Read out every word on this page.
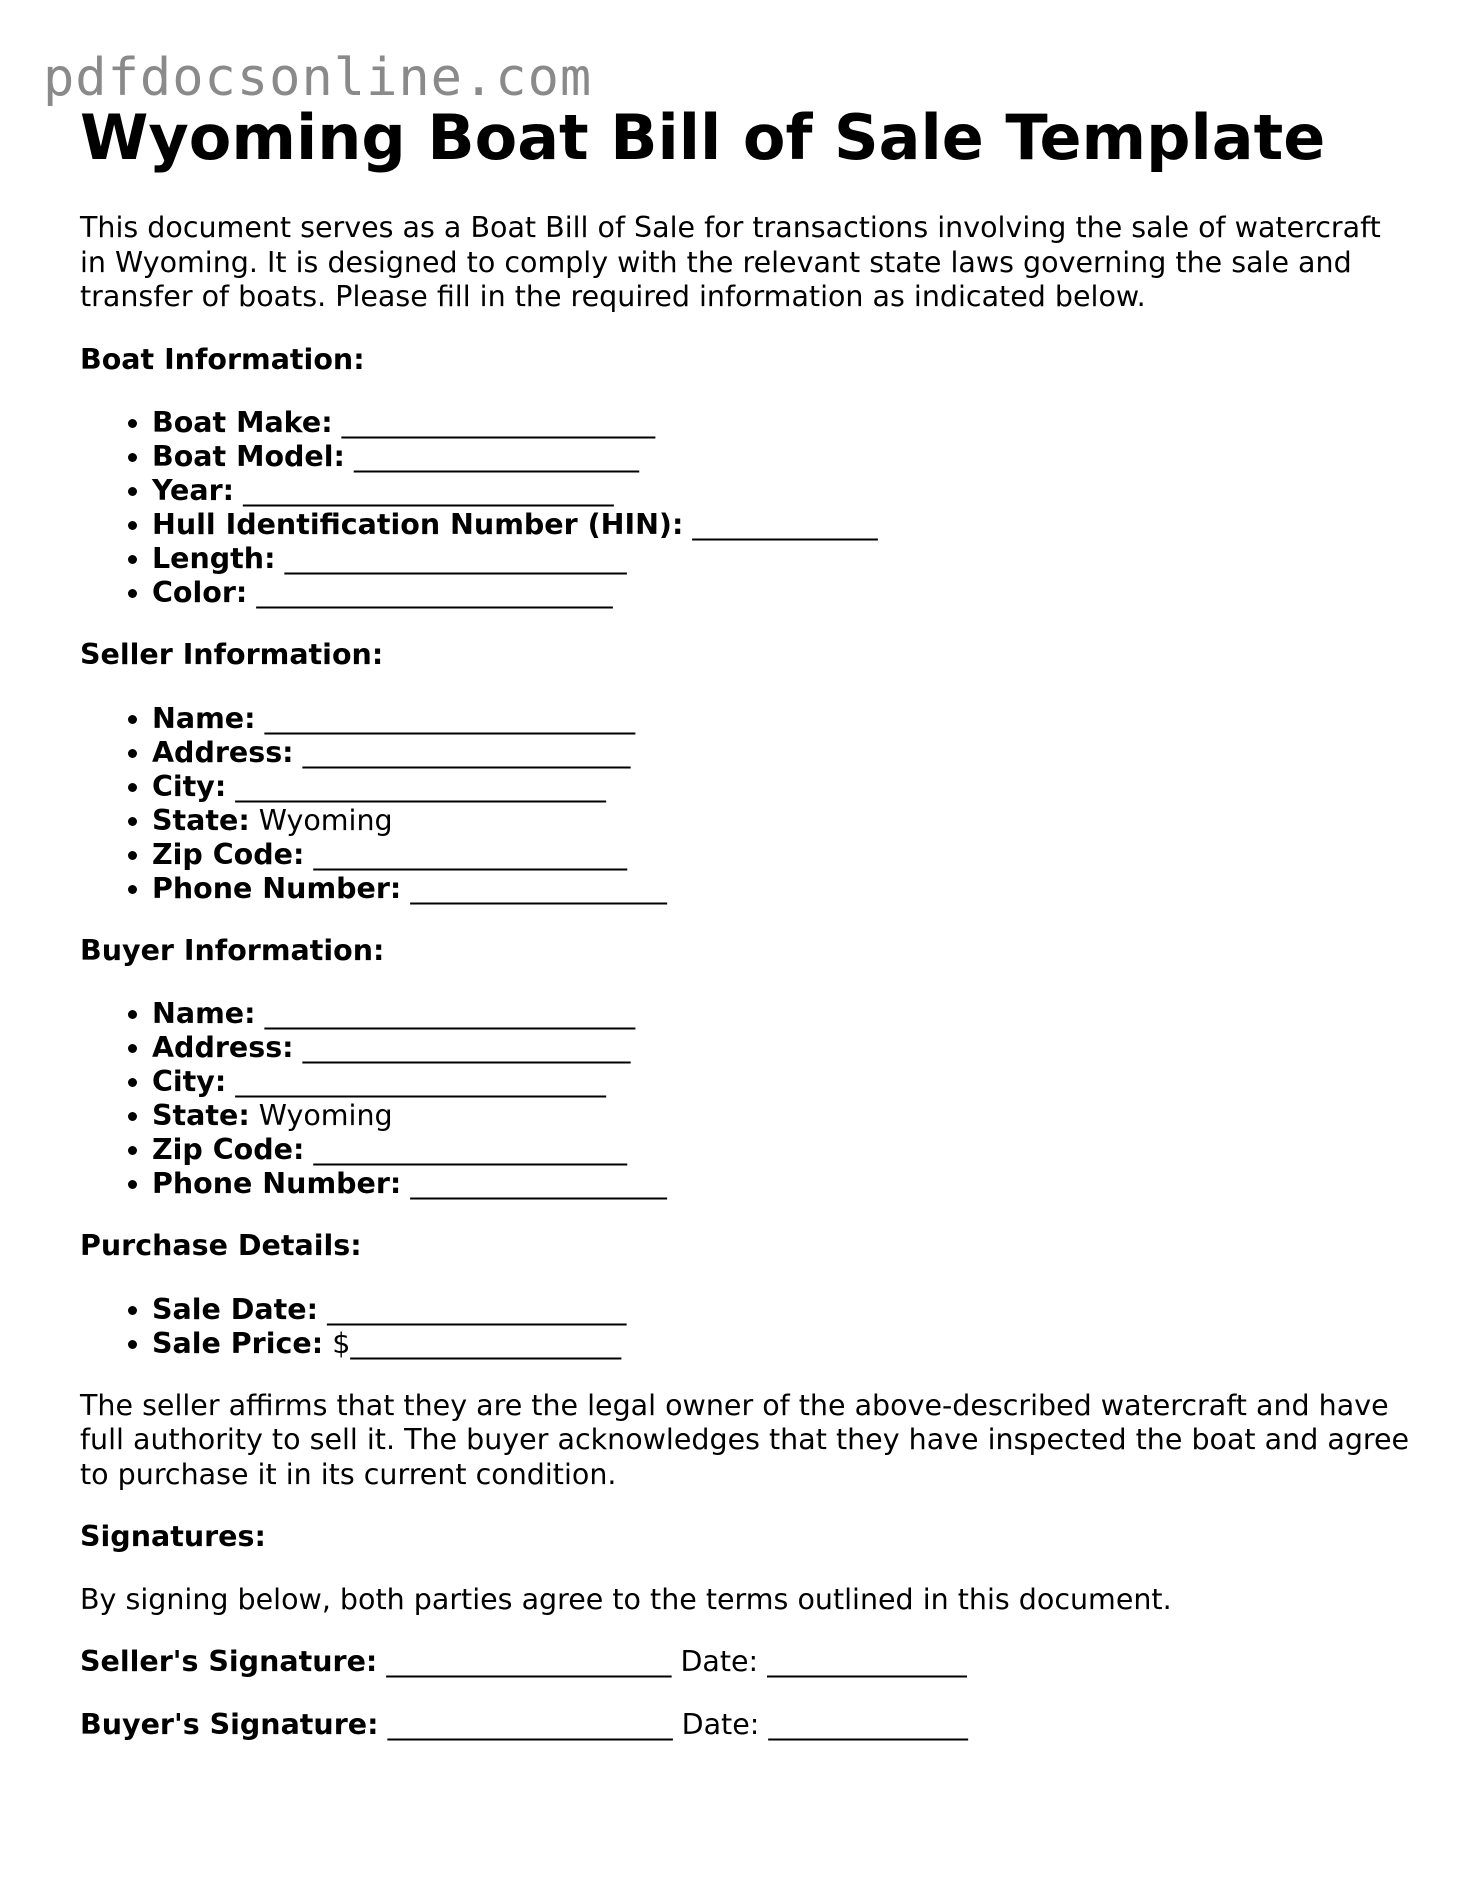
pdfdocsonline.com
Wyoming Boat Bill of Sale Template

This document serves as a Boat Bill of Sale for transactions involving the sale of watercraft in Wyoming. It is designed to comply with the relevant state laws governing the sale and transfer of boats. Please fill in the required information as indicated below.

Boat Information:
• Boat Make: ______________________
• Boat Model: ____________________
• Year: __________________________
• Hull Identification Number (HIN): _____________
• Length: ________________________
• Color: _________________________
Seller Information:
• Name: __________________________
• Address: _______________________
• City: __________________________
• State: Wyoming
• Zip Code: ______________________
• Phone Number: __________________
Buyer Information:
• Name: __________________________
• Address: _______________________
• City: __________________________
• State: Wyoming
• Zip Code: ______________________
• Phone Number: __________________
Purchase Details:
• Sale Date: _____________________
• Sale Price: $___________________

The seller affirms that they are the legal owner of the above-described watercraft and have full authority to sell it. The buyer acknowledges that they have inspected the boat and agree to purchase it in its current condition.

Signatures:

By signing below, both parties agree to the terms outlined in this document.

Seller's Signature: ____________________ Date: ______________
Buyer's Signature: ____________________ Date: ______________
